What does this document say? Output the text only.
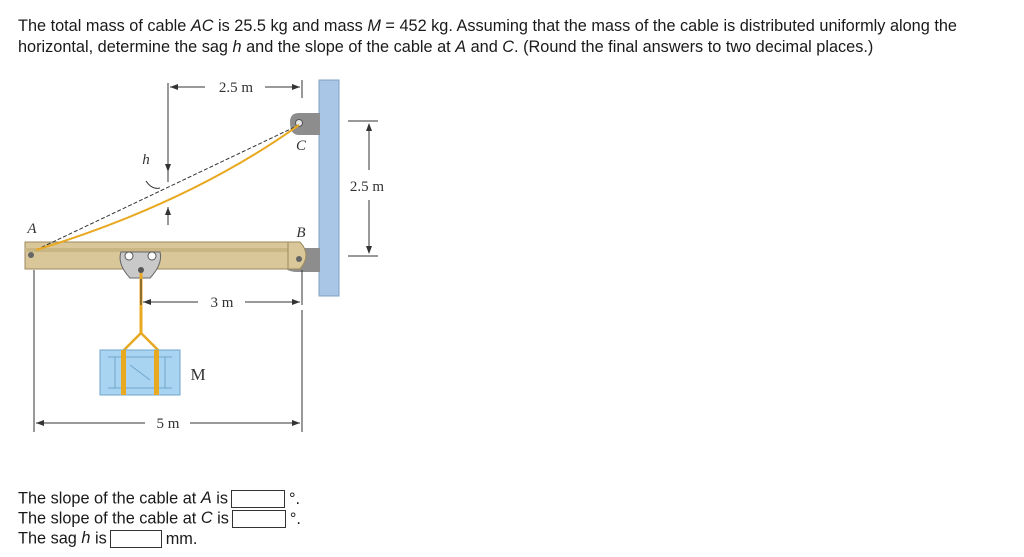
The total mass of cable AC is 25.5 kg and mass M = 452 kg. Assuming that the mass of the cable is distributed uniformly along the horizontal, determine the sag h and the slope of the cable at A and C. (Round the final answers to two decimal places.)
2.5 m
2.5 m
3 m
5 m
h
A	B
C
M
The slope of the cable at A is	°.
The slope of the cable at C is	°.
The sag h is	mm.
